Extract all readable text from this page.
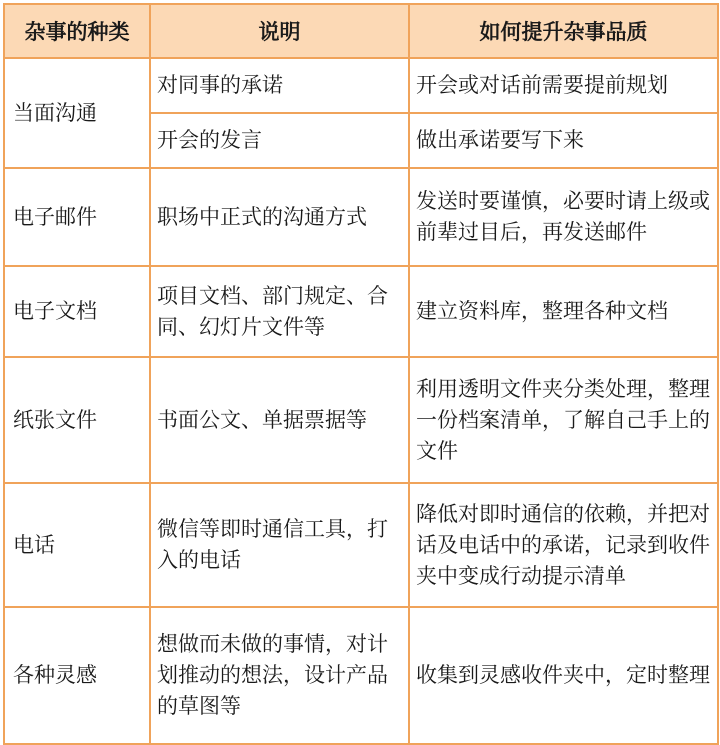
杂事的种类	说明	如何提升杂事品质
当面沟通	对同事的承诺	开会或对话前需要提前规划
	开会的发言	做出承诺要写下来
电子邮件	职场中正式的沟通方式	发送时要谨慎，必要时请上级或前辈过目后，再发送邮件
电子文档	项目文档、部门规定、合同、幻灯片文件等	建立资料库，整理各种文档
纸张文件	书面公文、单据票据等	利用透明文件夹分类处理，整理一份档案清单，了解自己手上的文件
电话	微信等即时通信工具，打入的电话	降低对即时通信的依赖，并把对话及电话中的承诺，记录到收件夹中变成行动提示清单
各种灵感	想做而未做的事情，对计划推动的想法，设计产品的草图等	收集到灵感收件夹中，定时整理
